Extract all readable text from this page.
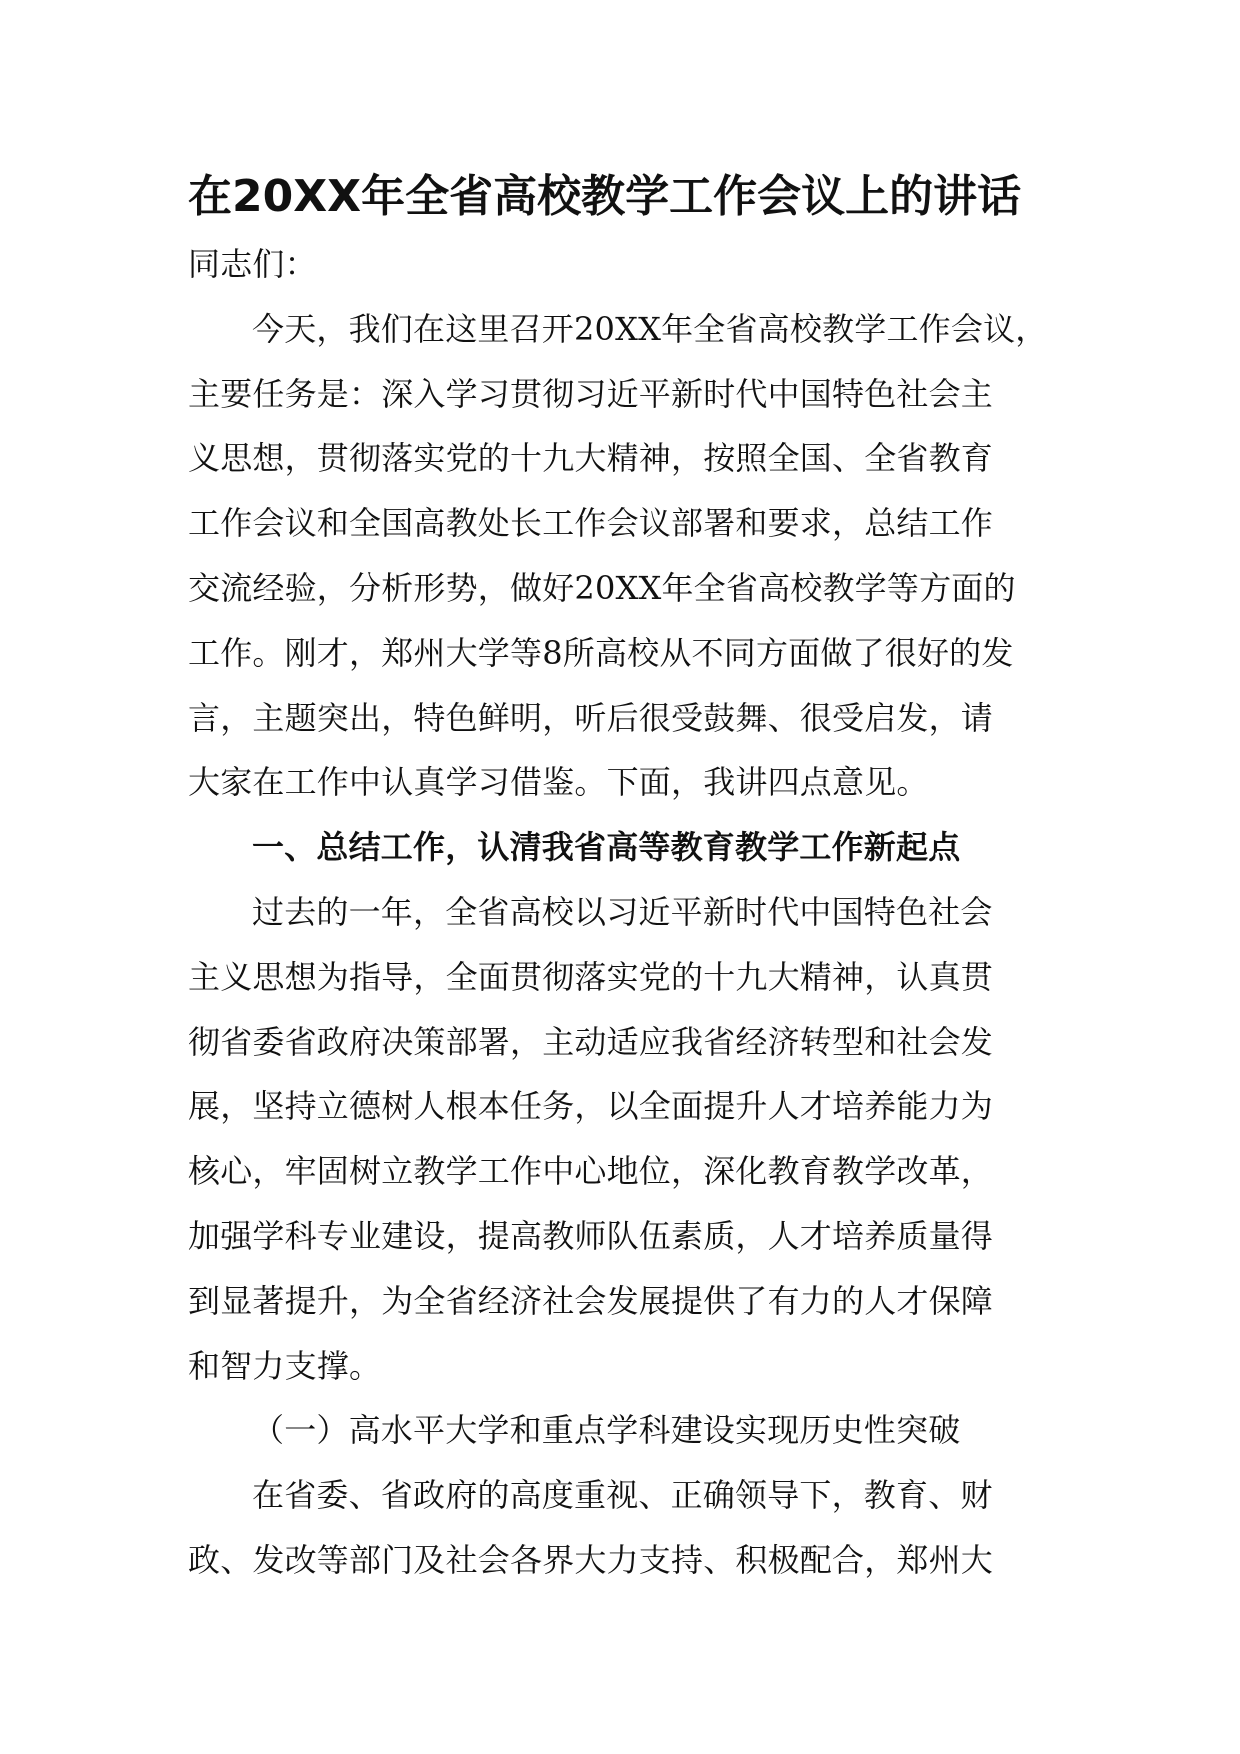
在20XX年全省高校教学工作会议上的讲话
同志们：
今天，我们在这里召开20XX年全省高校教学工作会议，
主要任务是：深入学习贯彻习近平新时代中国特色社会主
义思想，贯彻落实党的十九大精神，按照全国、全省教育
工作会议和全国高教处长工作会议部署和要求，总结工作
交流经验，分析形势，做好20XX年全省高校教学等方面的
工作。刚才，郑州大学等8所高校从不同方面做了很好的发
言，主题突出，特色鲜明，听后很受鼓舞、很受启发，请
大家在工作中认真学习借鉴。下面，我讲四点意见。
一、总结工作，认清我省高等教育教学工作新起点
过去的一年，全省高校以习近平新时代中国特色社会
主义思想为指导，全面贯彻落实党的十九大精神，认真贯
彻省委省政府决策部署，主动适应我省经济转型和社会发
展，坚持立德树人根本任务，以全面提升人才培养能力为
核心，牢固树立教学工作中心地位，深化教育教学改革，
加强学科专业建设，提高教师队伍素质，人才培养质量得
到显著提升，为全省经济社会发展提供了有力的人才保障
和智力支撑。
（一）高水平大学和重点学科建设实现历史性突破
在省委、省政府的高度重视、正确领导下，教育、财
政、发改等部门及社会各界大力支持、积极配合，郑州大
